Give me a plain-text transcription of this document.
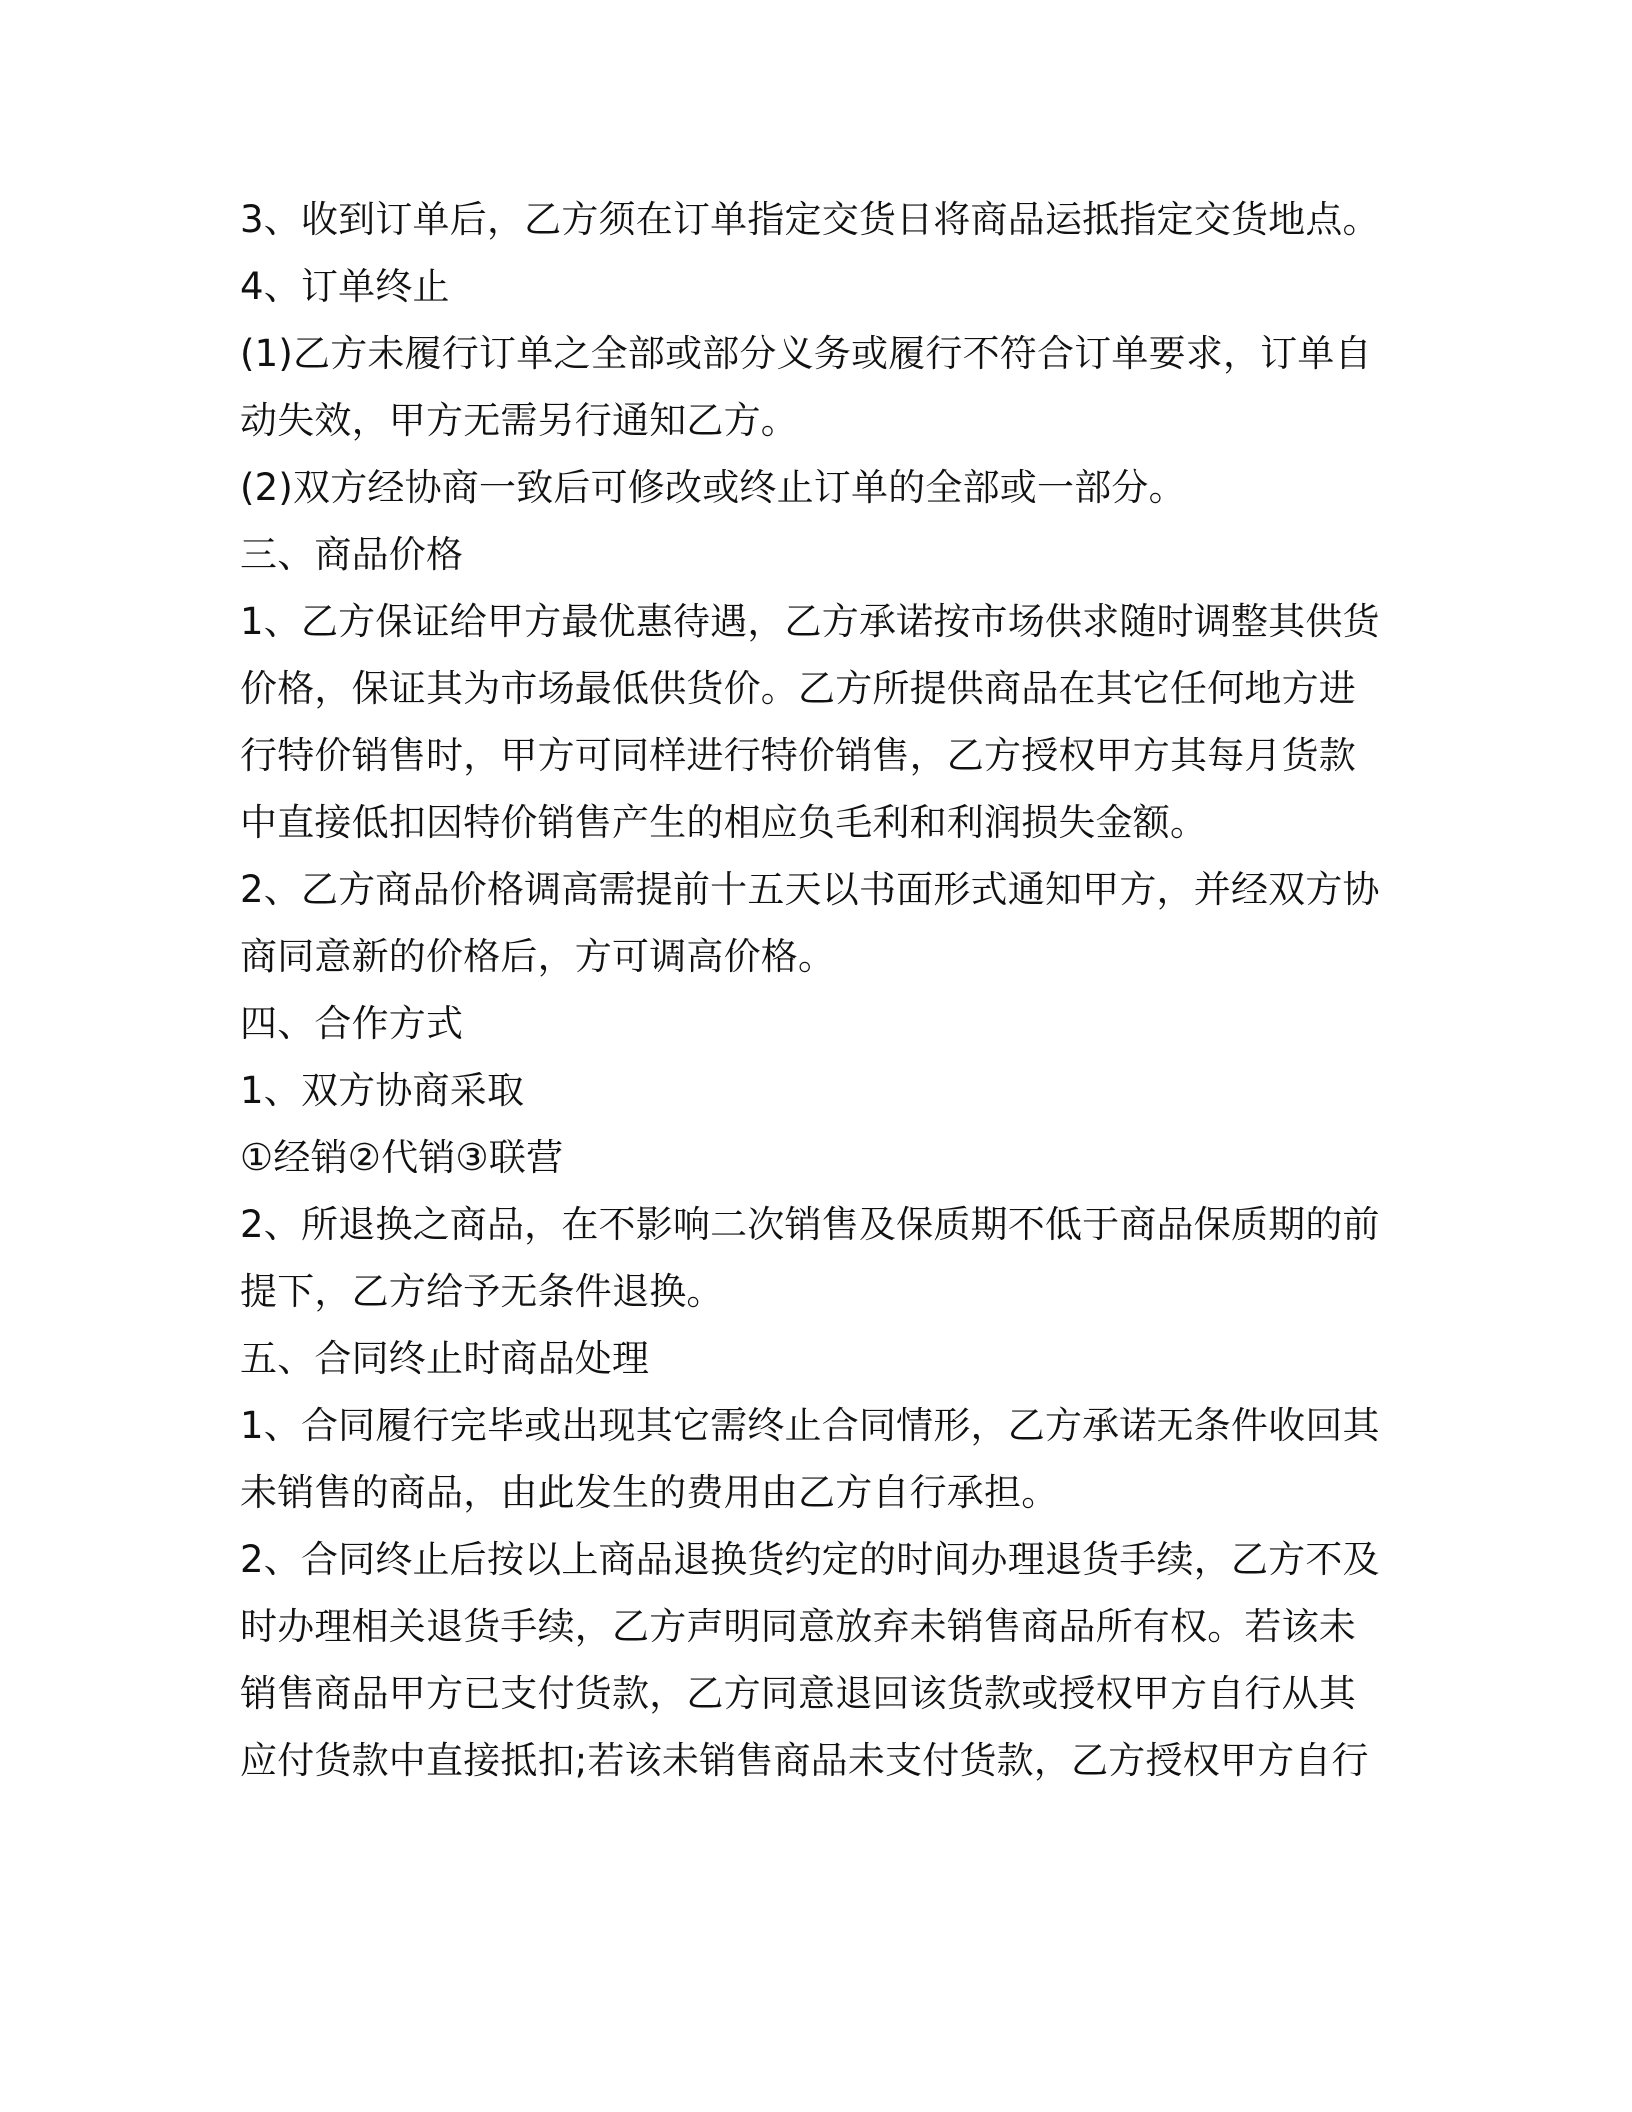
3、收到订单后，乙方须在订单指定交货日将商品运抵指定交货地点。
4、订单终止
(1)乙方未履行订单之全部或部分义务或履行不符合订单要求，订单自
动失效，甲方无需另行通知乙方。
(2)双方经协商一致后可修改或终止订单的全部或一部分。
三、商品价格
1、乙方保证给甲方最优惠待遇，乙方承诺按市场供求随时调整其供货
价格，保证其为市场最低供货价。乙方所提供商品在其它任何地方进
行特价销售时，甲方可同样进行特价销售，乙方授权甲方其每月货款
中直接低扣因特价销售产生的相应负毛利和利润损失金额。
2、乙方商品价格调高需提前十五天以书面形式通知甲方，并经双方协
商同意新的价格后，方可调高价格。
四、合作方式
1、双方协商采取
①经销②代销③联营
2、所退换之商品，在不影响二次销售及保质期不低于商品保质期的前
提下，乙方给予无条件退换。
五、合同终止时商品处理
1、合同履行完毕或出现其它需终止合同情形，乙方承诺无条件收回其
未销售的商品，由此发生的费用由乙方自行承担。
2、合同终止后按以上商品退换货约定的时间办理退货手续，乙方不及
时办理相关退货手续，乙方声明同意放弃未销售商品所有权。若该未
销售商品甲方已支付货款，乙方同意退回该货款或授权甲方自行从其
应付货款中直接抵扣;若该未销售商品未支付货款，乙方授权甲方自行
